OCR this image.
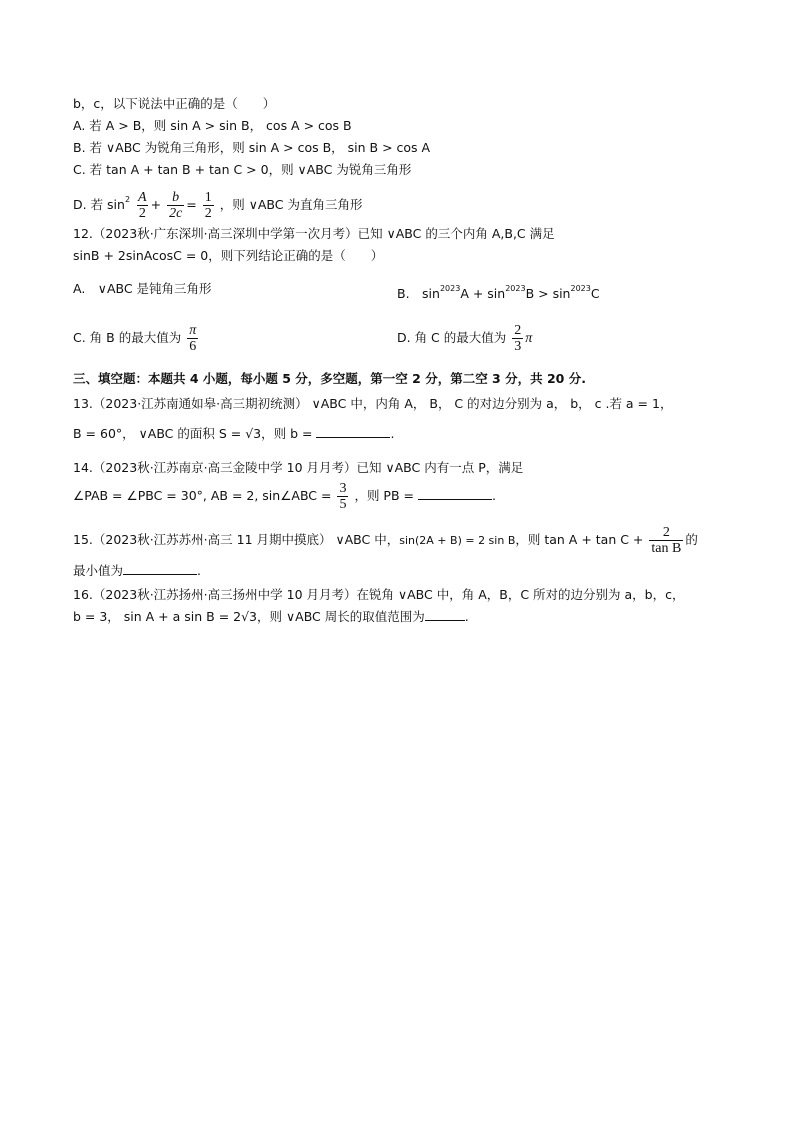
b，c，以下说法中正确的是（　　）
A. 若 A > B，则 sin A > sin B， cos A > cos B
B. 若 ∨ABC 为锐角三角形，则 sin A > cos B， sin B > cos A
C. 若 tan A + tan B + tan C > 0，则 ∨ABC 为锐角三角形
D. 若 $\sin^2 \frac{A}{2} + \frac{b}{2c} = \frac{1}{2}$ ，则 ∨ABC 为直角三角形
12.（2023秋·广东深圳·高三深圳中学第一次月考）已知 ∨ABC 的三个内角 A,B,C 满足
sinB + 2sinAcosC = 0，则下列结论正确的是（　　）
A.　∨ABC 是钝角三角形	B.　$\sin^{2023}A + \sin^{2023}B > \sin^{2023}C$
C. 角 B 的最大值为 $\frac{\pi}{6}$	D. 角 C 的最大值为 $\frac{2}{3}$ π
三、填空题：本题共 4 小题，每小题 5 分，多空题，第一空 2 分，第二空 3 分，共 20 分.
13.（2023·江苏南通如皋·高三期初统测） ∨ABC 中，内角 A， B， C 的对边分别为 a， b， c .若 a = 1，
B = 60°， ∨ABC 的面积 S = √3，则 b =	.
14.（2023秋·江苏南京·高三金陵中学 10 月月考）已知 ∨ABC 内有一点 P，满足
∠PAB = ∠PBC = 30°, AB = 2, sin∠ABC = $\frac{3}{5}$ ，则 PB =	.
15.（2023秋·江苏苏州·高三 11 月期中摸底） ∨ABC 中，sin(2A + B) = 2 sin B，则 $\tan A + \tan C + \frac{2}{\text{tan B}}$ 的
最小值为	.
16.（2023秋·江苏扬州·高三扬州中学 10 月月考）在锐角 ∨ABC 中，角 A，B，C 所对的边分别为 a，b，c，
b = 3， sin A + a sin B = 2√3，则 ∨ABC 周长的取值范围为	.
